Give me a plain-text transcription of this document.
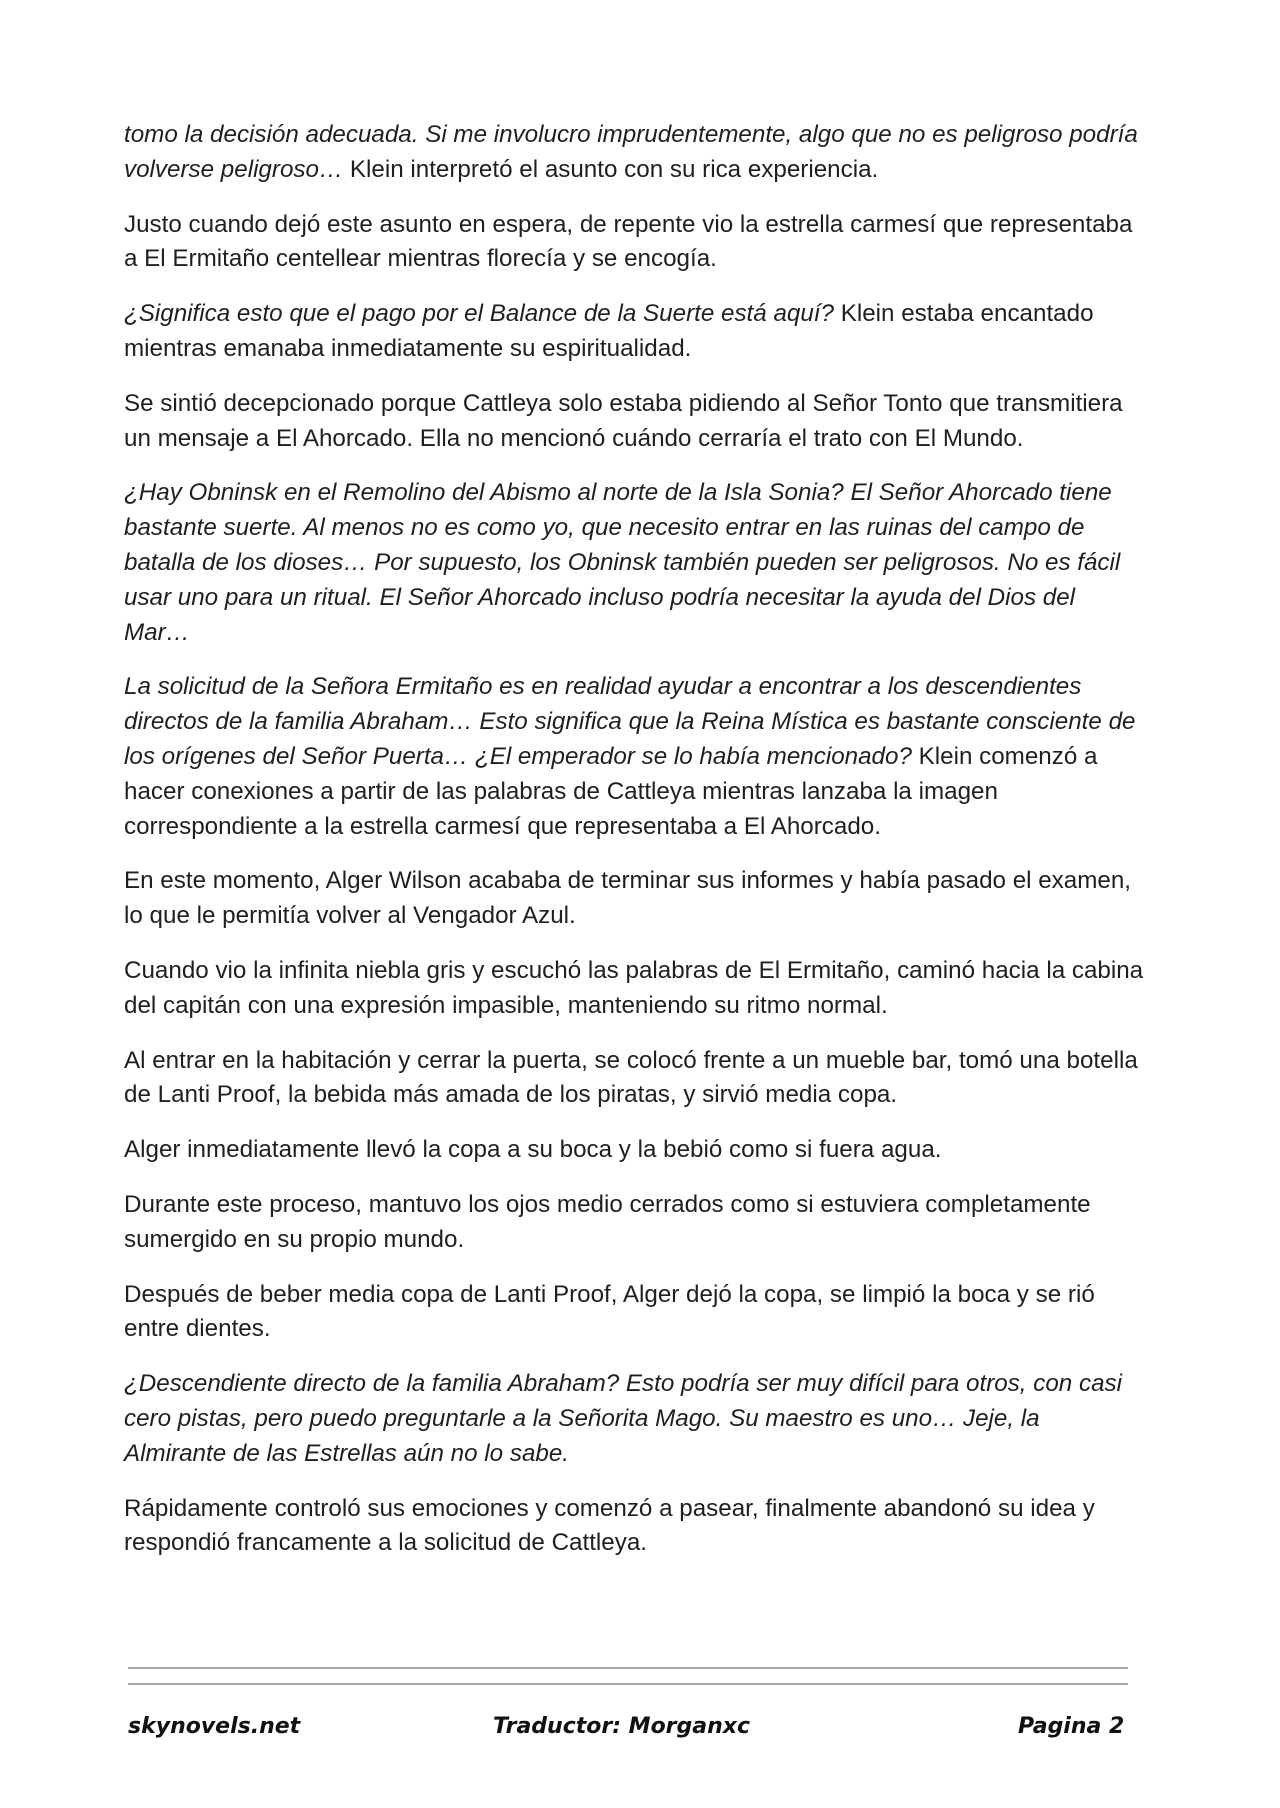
tomo la decisión adecuada. Si me involucro imprudentemente, algo que no es peligroso podría volverse peligroso… Klein interpretó el asunto con su rica experiencia.

Justo cuando dejó este asunto en espera, de repente vio la estrella carmesí que representaba a El Ermitaño centellear mientras florecía y se encogía.

¿Significa esto que el pago por el Balance de la Suerte está aquí? Klein estaba encantado mientras emanaba inmediatamente su espiritualidad.

Se sintió decepcionado porque Cattleya solo estaba pidiendo al Señor Tonto que transmitiera un mensaje a El Ahorcado. Ella no mencionó cuándo cerraría el trato con El Mundo.

¿Hay Obninsk en el Remolino del Abismo al norte de la Isla Sonia? El Señor Ahorcado tiene bastante suerte. Al menos no es como yo, que necesito entrar en las ruinas del campo de batalla de los dioses… Por supuesto, los Obninsk también pueden ser peligrosos. No es fácil usar uno para un ritual. El Señor Ahorcado incluso podría necesitar la ayuda del Dios del Mar…

La solicitud de la Señora Ermitaño es en realidad ayudar a encontrar a los descendientes directos de la familia Abraham… Esto significa que la Reina Mística es bastante consciente de los orígenes del Señor Puerta… ¿El emperador se lo había mencionado? Klein comenzó a hacer conexiones a partir de las palabras de Cattleya mientras lanzaba la imagen correspondiente a la estrella carmesí que representaba a El Ahorcado.

En este momento, Alger Wilson acababa de terminar sus informes y había pasado el examen, lo que le permitía volver al Vengador Azul.

Cuando vio la infinita niebla gris y escuchó las palabras de El Ermitaño, caminó hacia la cabina del capitán con una expresión impasible, manteniendo su ritmo normal.

Al entrar en la habitación y cerrar la puerta, se colocó frente a un mueble bar, tomó una botella de Lanti Proof, la bebida más amada de los piratas, y sirvió media copa.

Alger inmediatamente llevó la copa a su boca y la bebió como si fuera agua.

Durante este proceso, mantuvo los ojos medio cerrados como si estuviera completamente sumergido en su propio mundo.

Después de beber media copa de Lanti Proof, Alger dejó la copa, se limpió la boca y se rió entre dientes.

¿Descendiente directo de la familia Abraham? Esto podría ser muy difícil para otros, con casi cero pistas, pero puedo preguntarle a la Señorita Mago. Su maestro es uno… Jeje, la Almirante de las Estrellas aún no lo sabe.

Rápidamente controló sus emociones y comenzó a pasear, finalmente abandonó su idea y respondió francamente a la solicitud de Cattleya.

skynovels.net	Traductor: Morganxc	Pagina 2
